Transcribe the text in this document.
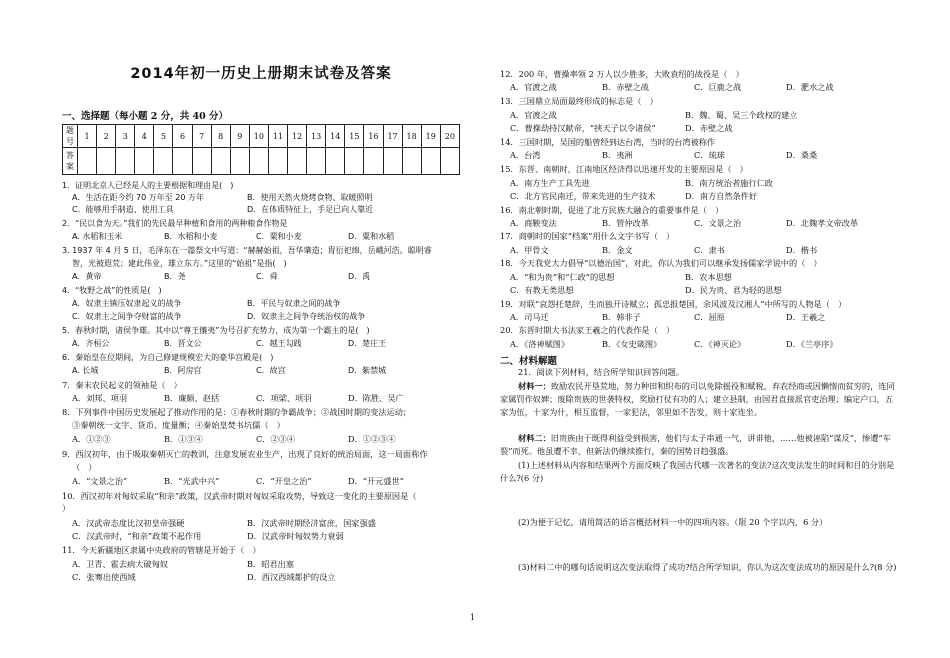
2014年初一历史上册期末试卷及答案
一、选择题（每小题 2 分，共 40 分）
题号	1	2	3	4	5	6	7	8	9	10	11	12	13	14	15	16	17	18	19	20
答案																				
1．证明北京人已经是人的主要根据和理由是(　)
A．生活在距今约 70 万年至 20 万年	B．使用天然火烧烤食物、取暖照明
C．能够用手制造、使用工具	D．在体质特征上，手足已向人靠近
2．“民以食为天。”我们的先民最早种植和食用的两种粮食作物是
A. 水稻和玉米	B．水稻和小麦	C．粟和小麦	D．粟和水稻
3. 1937 年 4 月 5 日，毛泽东在一篇祭文中写道：“赫赫始祖，吾华肇造；胄衍祀绵，岳峨河浩。聪明睿
智，光被遐荒；建此伟业，雄立东方。”这里的“始祖”是指(　)
A．黄帝	B．尧	C．舜	D．禹
4．“牧野之战”的性质是(　)
A．奴隶主镇压奴隶起义的战争	B．平民与奴隶之间的战争
C．奴隶主之间争夺财富的战争	D．奴隶主之间争夺统治权的战争
5．春秋时期，诸侯争雄。其中以“尊王攘夷”为号召扩充势力，成为第一个霸主的是(　)
A．齐桓公	B．晋文公	C．越王勾践	D．楚庄王
6．秦始皇在位期间，为自己修建规模宏大的豪华宫殿是(　)
A. 长城	B．阿房宫	C．故宫	D．紫禁城
7．秦末农民起义的领袖是（　）
A．刘邦、项羽	B．廉颇、赵括	C．项梁、项羽	D．陈胜、吴广
8．下列事件中国历史发展起了推动作用的是：①春秋时期的争霸战争；②战国时期的变法运动；
③秦朝统一文字、货币、度量衡；④秦始皇焚书坑儒（　）
A．①②③	B．①③④	C．②③④	D．①②③④
9．西汉初年，由于吸取秦朝灭亡的教训，注意发展农业生产，出现了良好的统治局面，这一局面称作
（　）
A．“文景之治”	B．“光武中兴”	C．“开皇之治”	D．“开元盛世”
10．西汉初年对匈奴采取“和亲”政策，汉武帝时期对匈奴采取攻势，导致这一变化的主要原因是（
）
A．汉武帝态度比汉初皇帝强硬	B．汉武帝时期经济富庶，国家强盛
C．汉武帝时，“和亲”政策不起作用	D．汉武帝时匈奴势力衰弱
11．今天新疆地区隶属中央政府的管辖是开始于（　）
A．卫青、霍去病大破匈奴	B．昭君出塞
C．张骞出使西域	D．西汉西域都护的设立
12．200 年，曹操率领 2 万人以少胜多，大败袁绍的战役是（　）
A．官渡之战	B．赤壁之战	C．巨鹿之战	D．淝水之战
13．三国鼎立局面最终形成的标志是（　）
A．官渡之战	B．魏、蜀、吴三个政权的建立
C．曹操劫持汉献帝，“挟天子以令诸侯”	D．赤壁之战
14．三国时期，吴国的船曾经到达台湾，当时的台湾被称作
A．台湾	B．夷洲	C．琉球	D．桑桑
15．东晋、南朝时，江南地区经济得以迅速开发的主要原因是（　）
A．南方生产工具先进	B．南方统治者施行仁政
C．北方官民南迁，带来先进的生产技术	D．南方自然条件好
16．南北朝时期，促进了北方民族大融合的重要事件是（　）
A．商鞅变法	B．管仲改革	C．文景之治	D．北魏孝文帝改革
17．商朝时的国家“档案”用什么文字书写（　）
A．甲骨文	B．金文	C．隶书	D．楷书
18．今天我党大力倡导“以德治国”，对此，你认为我们可以继承发扬儒家学说中的（　）
A．“和为贵”和“仁政”的思想	B．农本思想
C．有教无类思想	D．民为贵、君为轻的思想
19．对联“哀怨托楚辞，生而独开诗赋立；孤忠报楚国，余风波及汉湘人”中所写的人物是（　）
A．司马迁	B．韩非子	C．屈原	D．王羲之
20．东晋时期大书法家王羲之的代表作是（　）
A．《洛神赋图》	B．《女史箴图》	C．《神灭论》	D．《兰亭序》
二、材料解题
21．阅读下列材料，结合所学知识回答问题。
材料一：致励农民开垦荒地，努力种田和织布的可以免除摇役和赋税，弃农经商或因懒惰而贫穷的，连同家属罚作奴婢；废除贵族的世袭特权，奖励打仗有功的人；建立县制，由国君直接派官吏治理；编定户口，五家为伍，十家为什，相互监督，一家犯法，邻里如不告发，则十家连坐。
材料二：旧贵族由于既得利益受到损害，他们与太子串通一气，讲诽他，……他被诬陷“谋反”，惨遭“车裂”而死。他虽遭不幸，但新法仍继续推行，秦的国势日趋强盛。
(1)上述材料从内容和结果两个方面反映了我国古代哪一次著名的变法?这次变法发生的时间和目的分别是什么?(6 分)
(2)为便于记忆，请用简洁的语言概括材料一中的四项内容。（限 20 个字以内，6 分）
(3)材料二中的哪句话说明这次变法取得了成功?结合所学知识，你认为这次变法成功的原因是什么?(8 分)
1
